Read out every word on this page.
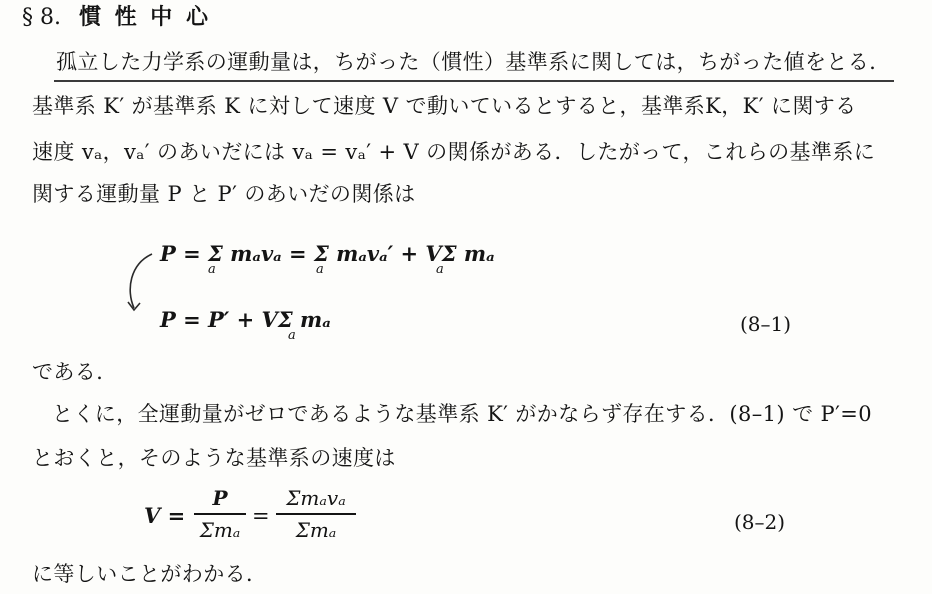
§ 8. 慣 性 中 心
孤立した力学系の運動量は，ちがった（慣性）基準系に関しては，ちがった値をとる．
基準系 K′ が基準系 K に対して速度 V で動いているとすると，基準系K，K′ に関する
速度 vₐ，vₐ′ のあいだには vₐ = vₐ′ + V の関係がある．したがって，これらの基準系に
関する運動量 P と P′ のあいだの関係は
P = Σ mₐvₐ = Σ mₐvₐ′ + VΣ mₐ
a	a	a
P = P′ + VΣ mₐ
a	(8–1)
である．
とくに，全運動量がゼロであるような基準系 K′ がかならず存在する．(8–1) で P′=0
とおくと，そのような基準系の速度は
V =
P
Σmₐ
=
Σmₐvₐ
Σmₐ	(8–2)
に等しいことがわかる．
